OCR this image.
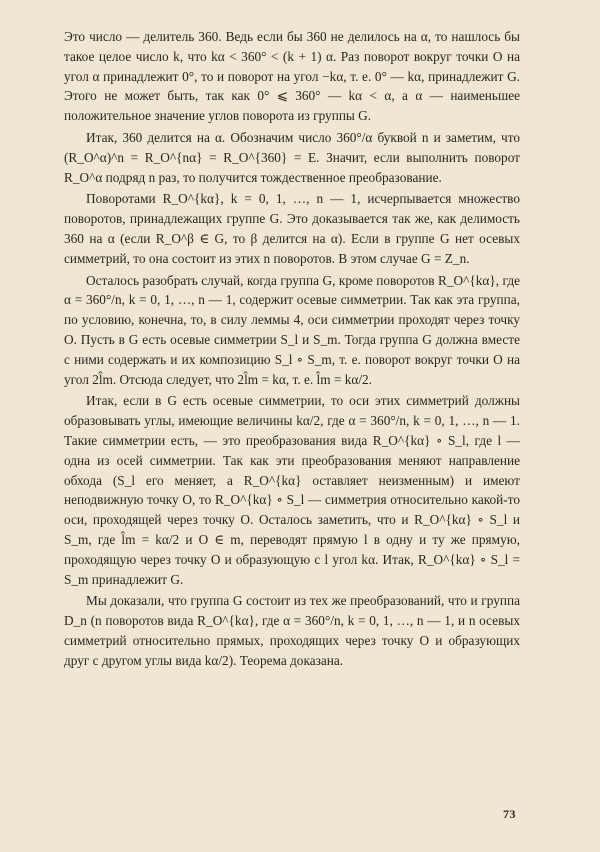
Это число — делитель 360. Ведь если бы 360 не делилось на α, то нашлось бы такое целое число k, что kα < 360° < (k + 1) α. Раз поворот вокруг точки O на угол α принадлежит 0°, то и поворот на угол −kα, т. е. 0° — kα, принадлежит G. Этого не может быть, так как 0° ⩽ 360° — kα < α, а α — наименьшее положительное значение углов поворота из группы G.

Итак, 360 делится на α. Обозначим число 360°/α буквой n и заметим, что (R_O^α)^n = R_O^{nα} = R_O^{360} = E. Значит, если выполнить поворот R_O^α подряд n раз, то получится тождественное преобразование.

Поворотами R_O^{kα}, k = 0, 1, …, n — 1, исчерпывается множество поворотов, принадлежащих группе G. Это доказывается так же, как делимость 360 на α (если R_O^β ∈ G, то β делится на α). Если в группе G нет осевых симметрий, то она состоит из этих n поворотов. В этом случае G = Z_n.

Осталось разобрать случай, когда группа G, кроме поворотов R_O^{kα}, где α = 360°/n, k = 0, 1, …, n — 1, содержит осевые симметрии. Так как эта группа, по условию, конечна, то, в силу леммы 4, оси симметрии проходят через точку O. Пусть в G есть осевые симметрии S_l и S_m. Тогда группа G должна вместе с ними содержать и их композицию S_l ∘ S_m, т. е. поворот вокруг точки O на угол 2l̂m. Отсюда следует, что 2l̂m = kα, т. е. l̂m = kα/2.

Итак, если в G есть осевые симметрии, то оси этих симметрий должны образовывать углы, имеющие величины kα/2, где α = 360°/n, k = 0, 1, …, n — 1. Такие симметрии есть, — это преобразования вида R_O^{kα} ∘ S_l, где l — одна из осей симметрии. Так как эти преобразования меняют направление обхода (S_l его меняет, а R_O^{kα} оставляет неизменным) и имеют неподвижную точку O, то R_O^{kα} ∘ S_l — симметрия относительно какой-то оси, проходящей через точку O. Осталось заметить, что и R_O^{kα} ∘ S_l и S_m, где l̂m = kα/2 и O ∈ m, переводят прямую l в одну и ту же прямую, проходящую через точку O и образующую с l угол kα. Итак, R_O^{kα} ∘ S_l = S_m принадлежит G.

Мы доказали, что группа G состоит из тех же преобразований, что и группа D_n (n поворотов вида R_O^{kα}, где α = 360°/n, k = 0, 1, …, n — 1, и n осевых симметрий относительно прямых, проходящих через точку O и образующих друг с другом углы вида kα/2). Теорема доказана.

73
